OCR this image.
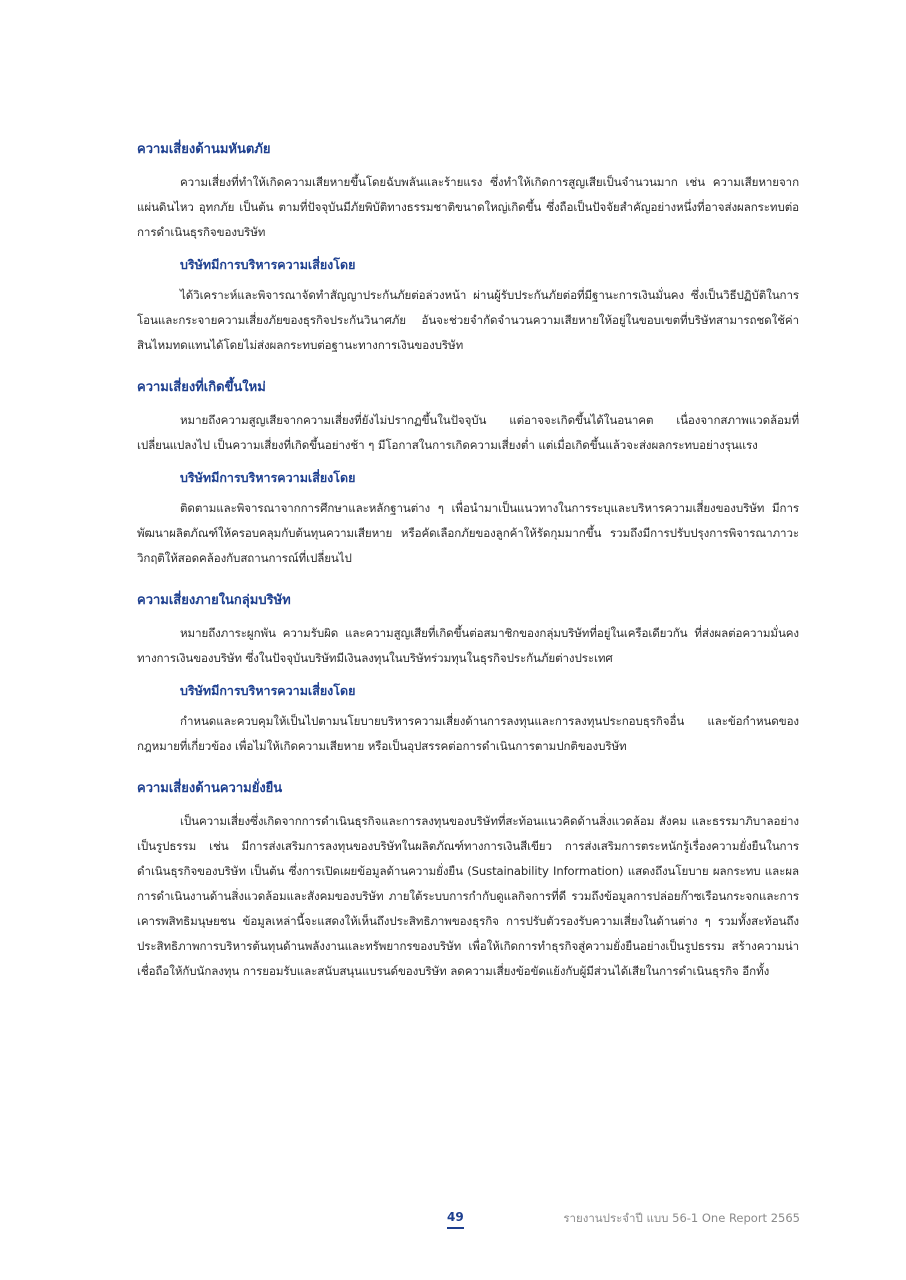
ความเสี่ยงด้านมหันตภัย

ความเสี่ยงที่ทำให้เกิดความเสียหายขึ้นโดยฉับพลันและร้ายแรง ซึ่งทำให้เกิดการสูญเสียเป็นจำนวนมาก เช่น ความเสียหายจากแผ่นดินไหว อุทกภัย เป็นต้น ตามที่ปัจจุบันมีภัยพิบัติทางธรรมชาติขนาดใหญ่เกิดขึ้น ซึ่งถือเป็นปัจจัยสำคัญอย่างหนึ่งที่อาจส่งผลกระทบต่อการดำเนินธุรกิจของบริษัท

บริษัทมีการบริหารความเสี่ยงโดย

ได้วิเคราะห์และพิจารณาจัดทำสัญญาประกันภัยต่อล่วงหน้า ผ่านผู้รับประกันภัยต่อที่มีฐานะการเงินมั่นคง ซึ่งเป็นวิธีปฏิบัติในการโอนและกระจายความเสี่ยงภัยของธุรกิจประกันวินาศภัย อันจะช่วยจำกัดจำนวนความเสียหายให้อยู่ในขอบเขตที่บริษัทสามารถชดใช้ค่าสินไหมทดแทนได้โดยไม่ส่งผลกระทบต่อฐานะทางการเงินของบริษัท

ความเสี่ยงที่เกิดขึ้นใหม่

หมายถึงความสูญเสียจากความเสี่ยงที่ยังไม่ปรากฏขึ้นในปัจจุบัน แต่อาจจะเกิดขึ้นได้ในอนาคต เนื่องจากสภาพแวดล้อมที่เปลี่ยนแปลงไป เป็นความเสี่ยงที่เกิดขึ้นอย่างช้า ๆ มีโอกาสในการเกิดความเสี่ยงต่ำ แต่เมื่อเกิดขึ้นแล้วจะส่งผลกระทบอย่างรุนแรง

บริษัทมีการบริหารความเสี่ยงโดย

ติดตามและพิจารณาจากการศึกษาและหลักฐานต่าง ๆ เพื่อนำมาเป็นแนวทางในการระบุและบริหารความเสี่ยงของบริษัท มีการพัฒนาผลิตภัณฑ์ให้ครอบคลุมกับต้นทุนความเสียหาย หรือคัดเลือกภัยของลูกค้าให้รัดกุมมากขึ้น รวมถึงมีการปรับปรุงการพิจารณาภาวะวิกฤติให้สอดคล้องกับสถานการณ์ที่เปลี่ยนไป

ความเสี่ยงภายในกลุ่มบริษัท

หมายถึงภาระผูกพัน ความรับผิด และความสูญเสียที่เกิดขึ้นต่อสมาชิกของกลุ่มบริษัทที่อยู่ในเครือเดียวกัน ที่ส่งผลต่อความมั่นคงทางการเงินของบริษัท ซึ่งในปัจจุบันบริษัทมีเงินลงทุนในบริษัทร่วมทุนในธุรกิจประกันภัยต่างประเทศ

บริษัทมีการบริหารความเสี่ยงโดย

กำหนดและควบคุมให้เป็นไปตามนโยบายบริหารความเสี่ยงด้านการลงทุนและการลงทุนประกอบธุรกิจอื่น และข้อกำหนดของกฎหมายที่เกี่ยวข้อง เพื่อไม่ให้เกิดความเสียหาย หรือเป็นอุปสรรคต่อการดำเนินการตามปกติของบริษัท

ความเสี่ยงด้านความยั่งยืน

เป็นความเสี่ยงซึ่งเกิดจากการดำเนินธุรกิจและการลงทุนของบริษัทที่สะท้อนแนวคิดด้านสิ่งแวดล้อม สังคม และธรรมาภิบาลอย่างเป็นรูปธรรม เช่น มีการส่งเสริมการลงทุนของบริษัทในผลิตภัณฑ์ทางการเงินสีเขียว การส่งเสริมการตระหนักรู้เรื่องความยั่งยืนในการดำเนินธุรกิจของบริษัท เป็นต้น ซึ่งการเปิดเผยข้อมูลด้านความยั่งยืน (Sustainability Information) แสดงถึงนโยบาย ผลกระทบ และผลการดำเนินงานด้านสิ่งแวดล้อมและสังคมของบริษัท ภายใต้ระบบการกำกับดูแลกิจการที่ดี รวมถึงข้อมูลการปล่อยก๊าซเรือนกระจกและการเคารพสิทธิมนุษยชน ข้อมูลเหล่านี้จะแสดงให้เห็นถึงประสิทธิภาพของธุรกิจ การปรับตัวรองรับความเสี่ยงในด้านต่าง ๆ รวมทั้งสะท้อนถึงประสิทธิภาพการบริหารต้นทุนด้านพลังงานและทรัพยากรของบริษัท เพื่อให้เกิดการทำธุรกิจสู่ความยั่งยืนอย่างเป็นรูปธรรม สร้างความน่าเชื่อถือให้กับนักลงทุน การยอมรับและสนับสนุนแบรนด์ของบริษัท ลดความเสี่ยงข้อขัดแย้งกับผู้มีส่วนได้เสียในการดำเนินธุรกิจ อีกทั้ง

49	รายงานประจำปี แบบ 56-1 One Report 2565
